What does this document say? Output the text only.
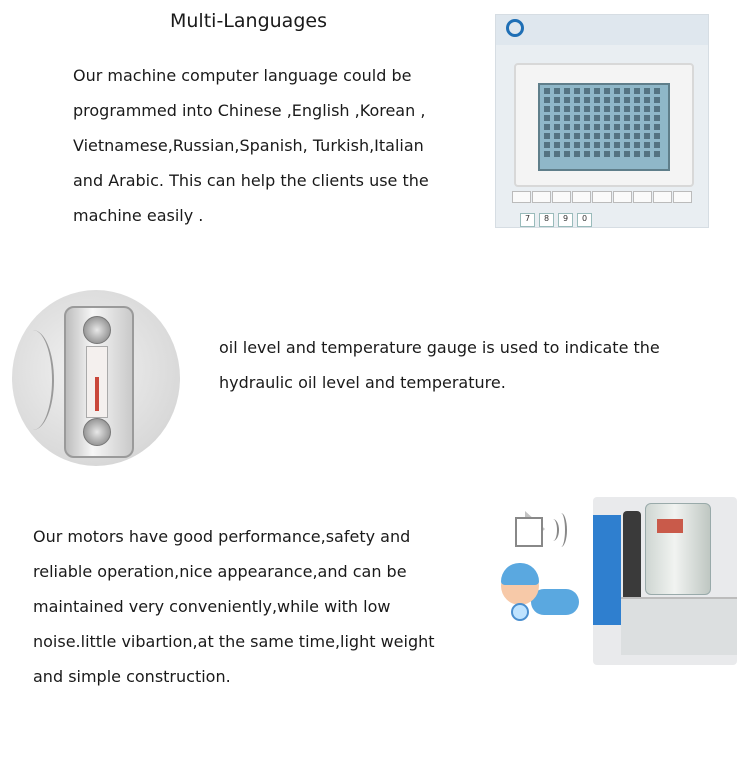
Multi-Languages

Our machine computer language could be
programmed into Chinese ,English ,Korean ,
Vietnamese,Russian,Spanish, Turkish,Italian
and Arabic. This can help the clients use the
machine easily .	7	8	9	0

oil level and temperature gauge is used to indicate the
hydraulic oil level and temperature.

Our motors have good performance,safety and
reliable operation,nice appearance,and can be
maintained very conveniently,while with low
noise.little vibartion,at the same time,light weight
and simple construction.
